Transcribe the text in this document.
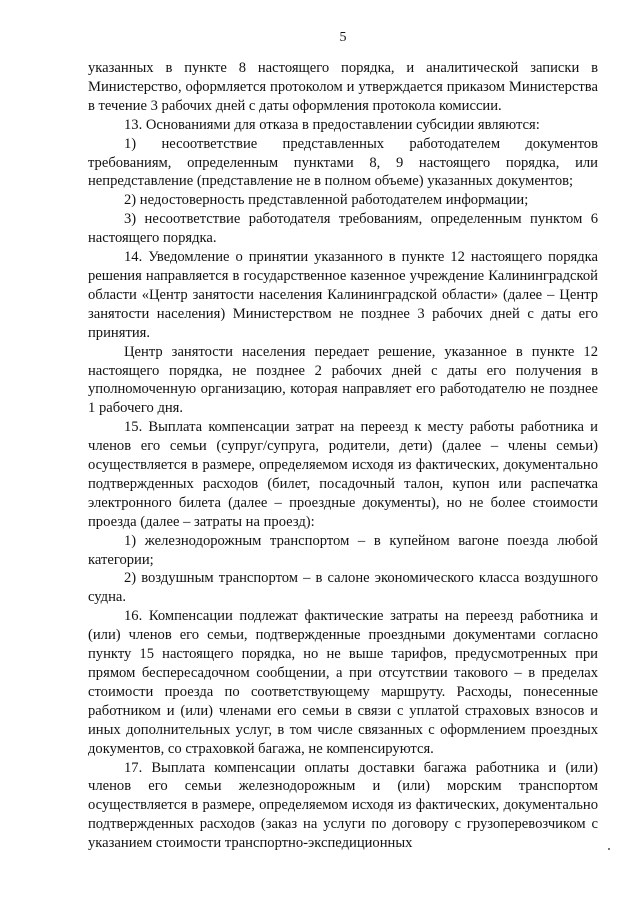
5

указанных в пункте 8 настоящего порядка, и аналитической записки в Министерство, оформляется протоколом и утверждается приказом Министерства в течение 3 рабочих дней с даты оформления протокола комиссии.

13. Основаниями для отказа в предоставлении субсидии являются:

1) несоответствие представленных работодателем документов требованиям, определенным пунктами 8, 9 настоящего порядка, или непредставление (представление не в полном объеме) указанных документов;

2) недостоверность представленной работодателем информации;

3) несоответствие работодателя требованиям, определенным пунктом 6 настоящего порядка.

14. Уведомление о принятии указанного в пункте 12 настоящего порядка решения направляется в государственное казенное учреждение Калининградской области «Центр занятости населения Калининградской области» (далее – Центр занятости населения) Министерством не позднее 3 рабочих дней с даты его принятия.

Центр занятости населения передает решение, указанное в пункте 12 настоящего порядка, не позднее 2 рабочих дней с даты его получения в уполномоченную организацию, которая направляет его работодателю не позднее 1 рабочего дня.

15. Выплата компенсации затрат на переезд к месту работы работника и членов его семьи (супруг/супруга, родители, дети) (далее – члены семьи) осуществляется в размере, определяемом исходя из фактических, документально подтвержденных расходов (билет, посадочный талон, купон или распечатка электронного билета (далее – проездные документы), но не более стоимости проезда (далее – затраты на проезд):

1) железнодорожным транспортом – в купейном вагоне поезда любой категории;

2) воздушным транспортом – в салоне экономического класса воздушного судна.

16. Компенсации подлежат фактические затраты на переезд работника и (или) членов его семьи, подтвержденные проездными документами согласно пункту 15 настоящего порядка, но не выше тарифов, предусмотренных при прямом беспересадочном сообщении, а при отсутствии такового – в пределах стоимости проезда по соответствующему маршруту. Расходы, понесенные работником и (или) членами его семьи в связи с уплатой страховых взносов и иных дополнительных услуг, в том числе связанных с оформлением проездных документов, со страховкой багажа, не компенсируются.

17. Выплата компенсации оплаты доставки багажа работника и (или) членов его семьи железнодорожным и (или) морским транспортом осуществляется в размере, определяемом исходя из фактических, документально подтвержденных расходов (заказ на услуги по договору с грузоперевозчиком с указанием стоимости транспортно-экспедиционных
